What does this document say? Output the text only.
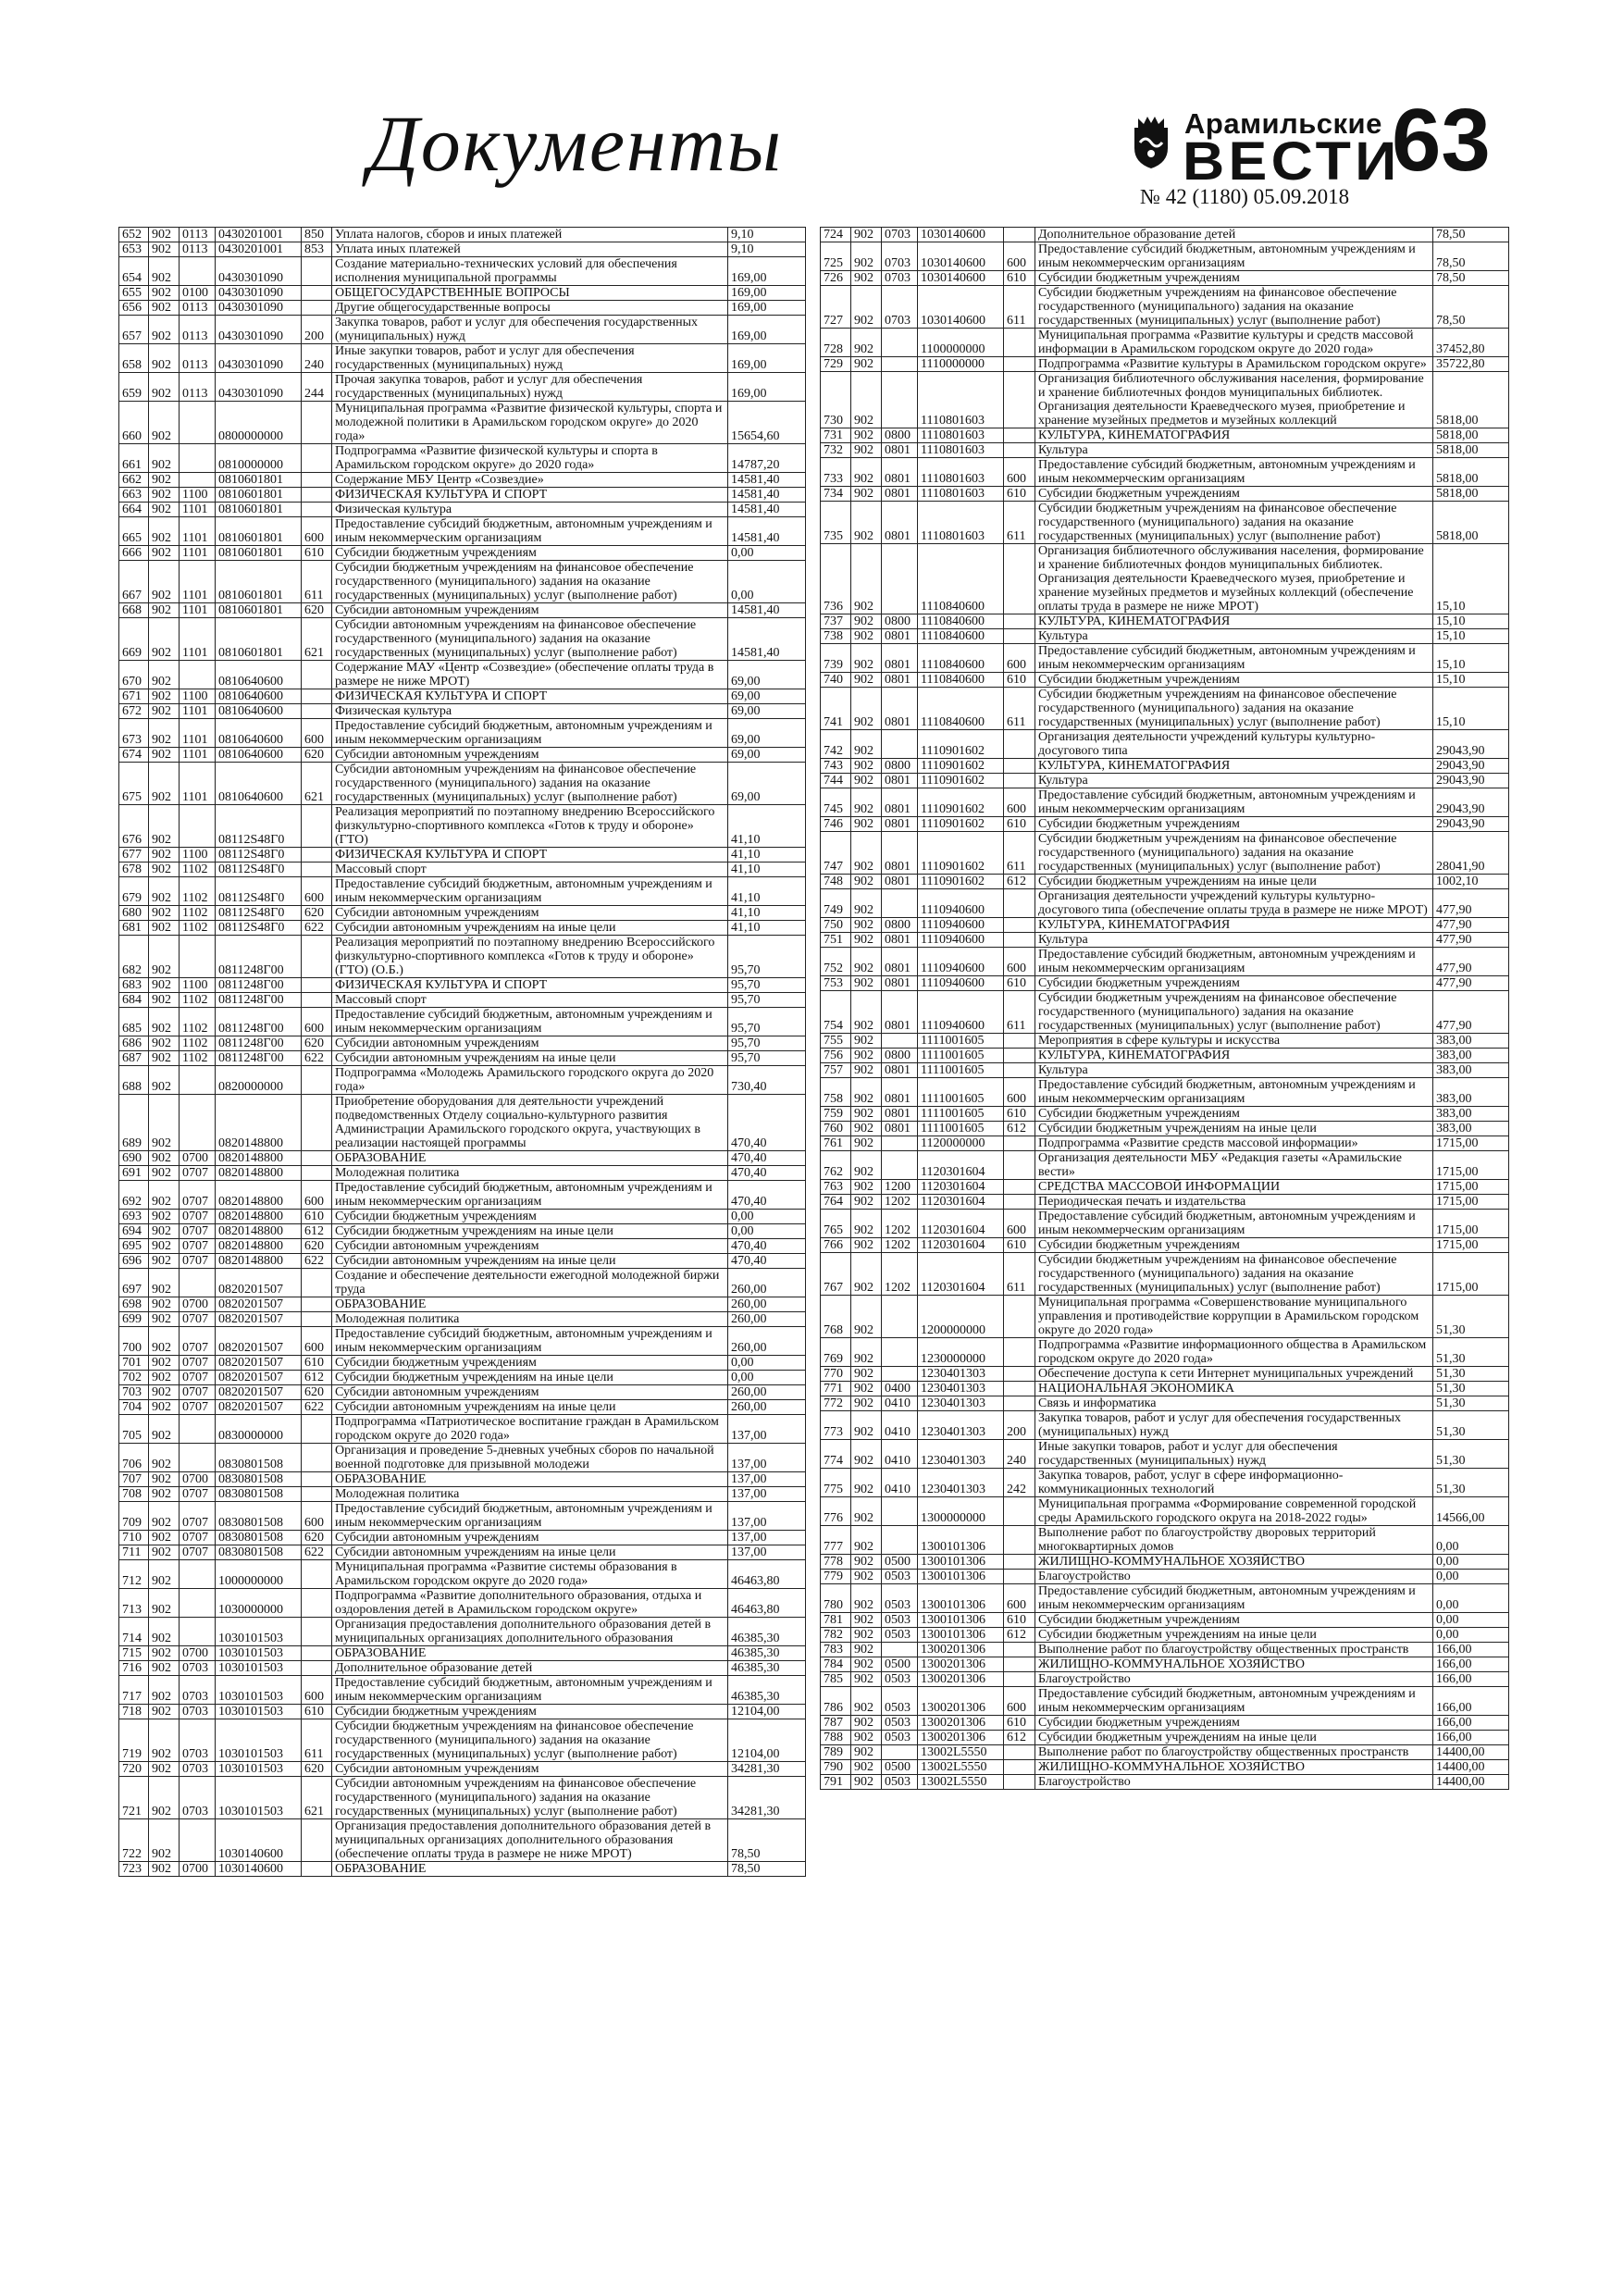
Документы	Арамильские
ВЕСТИ
63
№ 42 (1180) 05.09.2018
652	902	0113	0430201001	850	Уплата налогов, сборов и иных платежей	9,10
653	902	0113	0430201001	853	Уплата иных платежей	9,10
654	902		0430301090		Создание материально-технических условий для обеспечения исполнения муниципальной программы	169,00
655	902	0100	0430301090		ОБЩЕГОСУДАРСТВЕННЫЕ ВОПРОСЫ	169,00
656	902	0113	0430301090		Другие общегосударственные вопросы	169,00
657	902	0113	0430301090	200	Закупка товаров, работ и услуг для обеспечения государственных (муниципальных) нужд	169,00
658	902	0113	0430301090	240	Иные закупки товаров, работ и услуг для обеспечения государственных (муниципальных) нужд	169,00
659	902	0113	0430301090	244	Прочая закупка товаров, работ и услуг для обеспечения государственных (муниципальных) нужд	169,00
660	902		0800000000		Муниципальная программа «Развитие физической культуры, спорта и молодежной политики в Арамильском городском округе» до 2020 года»	15654,60
661	902		0810000000		Подпрограмма «Развитие физической культуры и спорта в Арамильском городском округе» до 2020 года»	14787,20
662	902		0810601801		Содержание МБУ Центр «Созвездие»	14581,40
663	902	1100	0810601801		ФИЗИЧЕСКАЯ КУЛЬТУРА И СПОРТ	14581,40
664	902	1101	0810601801		Физическая культура	14581,40
665	902	1101	0810601801	600	Предоставление субсидий бюджетным, автономным учреждениям и иным некоммерческим организациям	14581,40
666	902	1101	0810601801	610	Субсидии бюджетным учреждениям	0,00
667	902	1101	0810601801	611	Субсидии бюджетным учреждениям на финансовое обеспечение государственного (муниципального) задания на оказание государственных (муниципальных) услуг (выполнение работ)	0,00
668	902	1101	0810601801	620	Субсидии автономным учреждениям	14581,40
669	902	1101	0810601801	621	Субсидии автономным учреждениям на финансовое обеспечение государственного (муниципального) задания на оказание государственных (муниципальных) услуг (выполнение работ)	14581,40
670	902		0810640600		Содержание МАУ «Центр «Созвездие» (обеспечение оплаты труда в размере не ниже МРОТ)	69,00
671	902	1100	0810640600		ФИЗИЧЕСКАЯ КУЛЬТУРА И СПОРТ	69,00
672	902	1101	0810640600		Физическая культура	69,00
673	902	1101	0810640600	600	Предоставление субсидий бюджетным, автономным учреждениям и иным некоммерческим организациям	69,00
674	902	1101	0810640600	620	Субсидии автономным учреждениям	69,00
675	902	1101	0810640600	621	Субсидии автономным учреждениям на финансовое обеспечение государственного (муниципального) задания на оказание государственных (муниципальных) услуг (выполнение работ)	69,00
676	902		08112S48Г0		Реализация мероприятий по поэтапному внедрению Всероссийского физкультурно-спортивного комплекса «Готов к труду и обороне» (ГТО)	41,10
677	902	1100	08112S48Г0		ФИЗИЧЕСКАЯ КУЛЬТУРА И СПОРТ	41,10
678	902	1102	08112S48Г0		Массовый спорт	41,10
679	902	1102	08112S48Г0	600	Предоставление субсидий бюджетным, автономным учреждениям и иным некоммерческим организациям	41,10
680	902	1102	08112S48Г0	620	Субсидии автономным учреждениям	41,10
681	902	1102	08112S48Г0	622	Субсидии автономным учреждениям на иные цели	41,10
682	902		0811248Г00		Реализация мероприятий по поэтапному внедрению Всероссийского физкультурно-спортивного комплекса «Готов к труду и обороне» (ГТО) (О.Б.)	95,70
683	902	1100	0811248Г00		ФИЗИЧЕСКАЯ КУЛЬТУРА И СПОРТ	95,70
684	902	1102	0811248Г00		Массовый спорт	95,70
685	902	1102	0811248Г00	600	Предоставление субсидий бюджетным, автономным учреждениям и иным некоммерческим организациям	95,70
686	902	1102	0811248Г00	620	Субсидии автономным учреждениям	95,70
687	902	1102	0811248Г00	622	Субсидии автономным учреждениям на иные цели	95,70
688	902		0820000000		Подпрограмма «Молодежь Арамильского городского округа до 2020 года»	730,40
689	902		0820148800		Приобретение оборудования для деятельности учреждений подведомственных Отделу социально-культурного развития Администрации Арамильского городского округа, участвующих в реализации настоящей программы	470,40
690	902	0700	0820148800		ОБРАЗОВАНИЕ	470,40
691	902	0707	0820148800		Молодежная политика	470,40
692	902	0707	0820148800	600	Предоставление субсидий бюджетным, автономным учреждениям и иным некоммерческим организациям	470,40
693	902	0707	0820148800	610	Субсидии бюджетным учреждениям	0,00
694	902	0707	0820148800	612	Субсидии бюджетным учреждениям на иные цели	0,00
695	902	0707	0820148800	620	Субсидии автономным учреждениям	470,40
696	902	0707	0820148800	622	Субсидии автономным учреждениям на иные цели	470,40
697	902		0820201507		Создание и обеспечение деятельности ежегодной молодежной биржи труда	260,00
698	902	0700	0820201507		ОБРАЗОВАНИЕ	260,00
699	902	0707	0820201507		Молодежная политика	260,00
700	902	0707	0820201507	600	Предоставление субсидий бюджетным, автономным учреждениям и иным некоммерческим организациям	260,00
701	902	0707	0820201507	610	Субсидии бюджетным учреждениям	0,00
702	902	0707	0820201507	612	Субсидии бюджетным учреждениям на иные цели	0,00
703	902	0707	0820201507	620	Субсидии автономным учреждениям	260,00
704	902	0707	0820201507	622	Субсидии автономным учреждениям на иные цели	260,00
705	902		0830000000		Подпрограмма «Патриотическое воспитание граждан в Арамильском городском округе до 2020 года»	137,00
706	902		0830801508		Организация и проведение 5-дневных учебных сборов по начальной военной подготовке для призывной молодежи	137,00
707	902	0700	0830801508		ОБРАЗОВАНИЕ	137,00
708	902	0707	0830801508		Молодежная политика	137,00
709	902	0707	0830801508	600	Предоставление субсидий бюджетным, автономным учреждениям и иным некоммерческим организациям	137,00
710	902	0707	0830801508	620	Субсидии автономным учреждениям	137,00
711	902	0707	0830801508	622	Субсидии автономным учреждениям на иные цели	137,00
712	902		1000000000		Муниципальная программа «Развитие системы образования в Арамильском городском округе до 2020 года»	46463,80
713	902		1030000000		Подпрограмма «Развитие дополнительного образования, отдыха и оздоровления детей в Арамильском городском округе»	46463,80
714	902		1030101503		Организация предоставления дополнительного образования детей в муниципальных организациях дополнительного образования	46385,30
715	902	0700	1030101503		ОБРАЗОВАНИЕ	46385,30
716	902	0703	1030101503		Дополнительное образование детей	46385,30
717	902	0703	1030101503	600	Предоставление субсидий бюджетным, автономным учреждениям и иным некоммерческим организациям	46385,30
718	902	0703	1030101503	610	Субсидии бюджетным учреждениям	12104,00
719	902	0703	1030101503	611	Субсидии бюджетным учреждениям на финансовое обеспечение государственного (муниципального) задания на оказание государственных (муниципальных) услуг (выполнение работ)	12104,00
720	902	0703	1030101503	620	Субсидии автономным учреждениям	34281,30
721	902	0703	1030101503	621	Субсидии автономным учреждениям на финансовое обеспечение государственного (муниципального) задания на оказание государственных (муниципальных) услуг (выполнение работ)	34281,30
722	902		1030140600		Организация предоставления дополнительного образования детей в муниципальных организациях дополнительного образования (обеспечение оплаты труда в размере не ниже МРОТ)	78,50
723	902	0700	1030140600		ОБРАЗОВАНИЕ	78,50
724	902	0703	1030140600		Дополнительное образование детей	78,50
725	902	0703	1030140600	600	Предоставление субсидий бюджетным, автономным учреждениям и иным некоммерческим организациям	78,50
726	902	0703	1030140600	610	Субсидии бюджетным учреждениям	78,50
727	902	0703	1030140600	611	Субсидии бюджетным учреждениям на финансовое обеспечение государственного (муниципального) задания на оказание государственных (муниципальных) услуг (выполнение работ)	78,50
728	902		1100000000		Муниципальная программа «Развитие культуры и средств массовой информации в Арамильском городском округе до 2020 года»	37452,80
729	902		1110000000		Подпрограмма «Развитие культуры в Арамильском городском округе»	35722,80
730	902		1110801603		Организация библиотечного обслуживания населения, формирование и хранение библиотечных фондов муниципальных библиотек. Организация деятельности Краеведческого музея, приобретение и хранение музейных предметов и музейных коллекций	5818,00
731	902	0800	1110801603		КУЛЬТУРА, КИНЕМАТОГРАФИЯ	5818,00
732	902	0801	1110801603		Культура	5818,00
733	902	0801	1110801603	600	Предоставление субсидий бюджетным, автономным учреждениям и иным некоммерческим организациям	5818,00
734	902	0801	1110801603	610	Субсидии бюджетным учреждениям	5818,00
735	902	0801	1110801603	611	Субсидии бюджетным учреждениям на финансовое обеспечение государственного (муниципального) задания на оказание государственных (муниципальных) услуг (выполнение работ)	5818,00
736	902		1110840600		Организация библиотечного обслуживания населения, формирование и хранение библиотечных фондов муниципальных библиотек. Организация деятельности Краеведческого музея, приобретение и хранение музейных предметов и музейных коллекций (обеспечение оплаты труда в размере не ниже МРОТ)	15,10
737	902	0800	1110840600		КУЛЬТУРА, КИНЕМАТОГРАФИЯ	15,10
738	902	0801	1110840600		Культура	15,10
739	902	0801	1110840600	600	Предоставление субсидий бюджетным, автономным учреждениям и иным некоммерческим организациям	15,10
740	902	0801	1110840600	610	Субсидии бюджетным учреждениям	15,10
741	902	0801	1110840600	611	Субсидии бюджетным учреждениям на финансовое обеспечение государственного (муниципального) задания на оказание государственных (муниципальных) услуг (выполнение работ)	15,10
742	902		1110901602		Организация деятельности учреждений культуры культурно-досугового типа	29043,90
743	902	0800	1110901602		КУЛЬТУРА, КИНЕМАТОГРАФИЯ	29043,90
744	902	0801	1110901602		Культура	29043,90
745	902	0801	1110901602	600	Предоставление субсидий бюджетным, автономным учреждениям и иным некоммерческим организациям	29043,90
746	902	0801	1110901602	610	Субсидии бюджетным учреждениям	29043,90
747	902	0801	1110901602	611	Субсидии бюджетным учреждениям на финансовое обеспечение государственного (муниципального) задания на оказание государственных (муниципальных) услуг (выполнение работ)	28041,90
748	902	0801	1110901602	612	Субсидии бюджетным учреждениям на иные цели	1002,10
749	902		1110940600		Организация деятельности учреждений культуры культурно-досугового типа (обеспечение оплаты труда в размере не ниже МРОТ)	477,90
750	902	0800	1110940600		КУЛЬТУРА, КИНЕМАТОГРАФИЯ	477,90
751	902	0801	1110940600		Культура	477,90
752	902	0801	1110940600	600	Предоставление субсидий бюджетным, автономным учреждениям и иным некоммерческим организациям	477,90
753	902	0801	1110940600	610	Субсидии бюджетным учреждениям	477,90
754	902	0801	1110940600	611	Субсидии бюджетным учреждениям на финансовое обеспечение государственного (муниципального) задания на оказание государственных (муниципальных) услуг (выполнение работ)	477,90
755	902		1111001605		Мероприятия в сфере культуры и искусства	383,00
756	902	0800	1111001605		КУЛЬТУРА, КИНЕМАТОГРАФИЯ	383,00
757	902	0801	1111001605		Культура	383,00
758	902	0801	1111001605	600	Предоставление субсидий бюджетным, автономным учреждениям и иным некоммерческим организациям	383,00
759	902	0801	1111001605	610	Субсидии бюджетным учреждениям	383,00
760	902	0801	1111001605	612	Субсидии бюджетным учреждениям на иные цели	383,00
761	902		1120000000		Подпрограмма «Развитие средств массовой информации»	1715,00
762	902		1120301604		Организация деятельности МБУ «Редакция газеты «Арамильские вести»	1715,00
763	902	1200	1120301604		СРЕДСТВА МАССОВОЙ ИНФОРМАЦИИ	1715,00
764	902	1202	1120301604		Периодическая печать и издательства	1715,00
765	902	1202	1120301604	600	Предоставление субсидий бюджетным, автономным учреждениям и иным некоммерческим организациям	1715,00
766	902	1202	1120301604	610	Субсидии бюджетным учреждениям	1715,00
767	902	1202	1120301604	611	Субсидии бюджетным учреждениям на финансовое обеспечение государственного (муниципального) задания на оказание государственных (муниципальных) услуг (выполнение работ)	1715,00
768	902		1200000000		Муниципальная программа «Совершенствование муниципального управления и противодействие коррупции в Арамильском городском округе до 2020 года»	51,30
769	902		1230000000		Подпрограмма «Развитие информационного общества в Арамильском городском округе до 2020 года»	51,30
770	902		1230401303		Обеспечение доступа к сети Интернет муниципальных учреждений	51,30
771	902	0400	1230401303		НАЦИОНАЛЬНАЯ ЭКОНОМИКА	51,30
772	902	0410	1230401303		Связь и информатика	51,30
773	902	0410	1230401303	200	Закупка товаров, работ и услуг для обеспечения государственных (муниципальных) нужд	51,30
774	902	0410	1230401303	240	Иные закупки товаров, работ и услуг для обеспечения государственных (муниципальных) нужд	51,30
775	902	0410	1230401303	242	Закупка товаров, работ, услуг в сфере информационно-коммуникационных технологий	51,30
776	902		1300000000		Муниципальная программа «Формирование современной городской среды Арамильского городского округа на 2018-2022 годы»	14566,00
777	902		1300101306		Выполнение работ по благоустройству дворовых территорий многоквартирных домов	0,00
778	902	0500	1300101306		ЖИЛИЩНО-КОММУНАЛЬНОЕ ХОЗЯЙСТВО	0,00
779	902	0503	1300101306		Благоустройство	0,00
780	902	0503	1300101306	600	Предоставление субсидий бюджетным, автономным учреждениям и иным некоммерческим организациям	0,00
781	902	0503	1300101306	610	Субсидии бюджетным учреждениям	0,00
782	902	0503	1300101306	612	Субсидии бюджетным учреждениям на иные цели	0,00
783	902		1300201306		Выполнение работ по благоустройству общественных пространств	166,00
784	902	0500	1300201306		ЖИЛИЩНО-КОММУНАЛЬНОЕ ХОЗЯЙСТВО	166,00
785	902	0503	1300201306		Благоустройство	166,00
786	902	0503	1300201306	600	Предоставление субсидий бюджетным, автономным учреждениям и иным некоммерческим организациям	166,00
787	902	0503	1300201306	610	Субсидии бюджетным учреждениям	166,00
788	902	0503	1300201306	612	Субсидии бюджетным учреждениям на иные цели	166,00
789	902		13002L5550		Выполнение работ по благоустройству общественных пространств	14400,00
790	902	0500	13002L5550		ЖИЛИЩНО-КОММУНАЛЬНОЕ ХОЗЯЙСТВО	14400,00
791	902	0503	13002L5550		Благоустройство	14400,00
